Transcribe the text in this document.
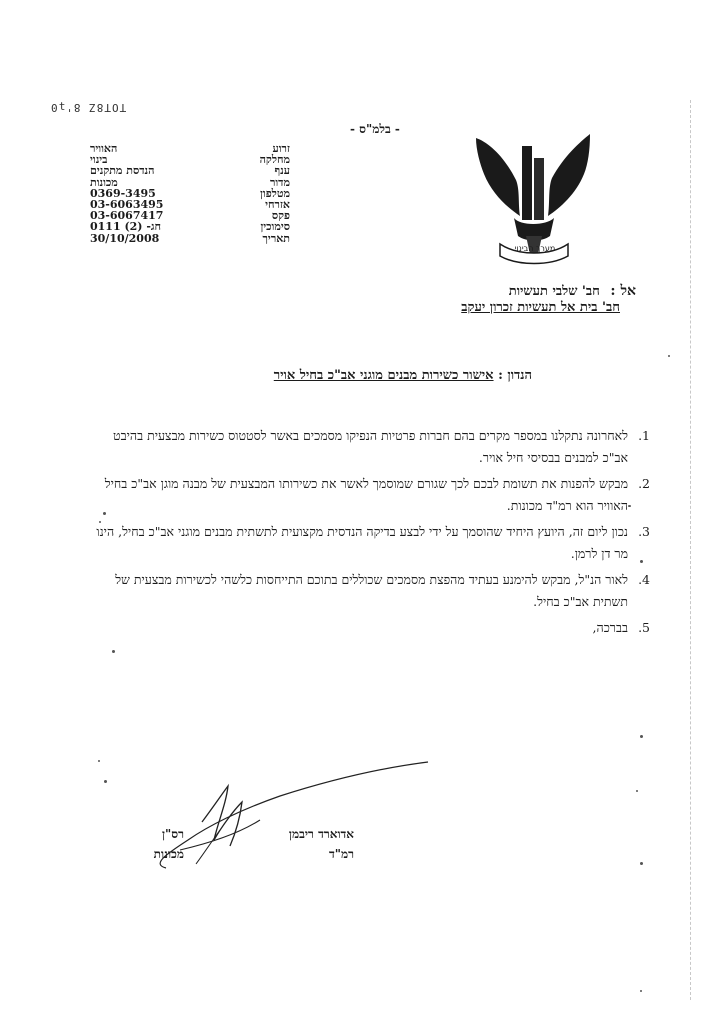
TOT8Z 8'ʇ0
- בלמ"ס -
מערך הבינוי
האוויר	זרוע
בינוי	מחלקה
הנדסת מתקנים	ענף
מכונות	מדור
0369-3495	מטלפון
03-6063495	אזרחי
03-6067417	פקס
0111 (2) -חג	סימוכין
30/10/2008	תאריך
אל : חב' שלבי תעשיות
חב' בית אל תעשיות זכרון יעקב
הנדון : אישור כשירות מבנים מוגני אב"כ בחיל אויר
1.
לאחרונה נתקלנו במספר מקרים בהם חברות פרטיות הנפיקו מסמכים באשר לסטטוס כשירות מבצעית בהיבט אב"כ למבנים בבסיסי חיל אויר.
2.
מבקש להפנות את תשומת לבכם לכך שגורם שמוסמך לאשר את כשירותו המבצעית של מבנה מוגן אב"כ בחיל האוויר הוא רמ"ד מכונות.
3.
נכון ליום זה, היועץ היחיד שהוסמך על ידי לבצע בדיקה הנדסית מקצועית לתשתית מבנים מוגני אב"כ בחיל, הינו מר דן לרמן.
4.
לאור הנ"ל, מבקש להימנע בעתיד מהפצת מסמכים שכוללים בתוכם התייחסות כלשהי לכשירות מבצעית של תשתית אב"כ בחיל.
5.
בברכה,
אדוארד ריבמן
רמ"ד
רס"ן
מכונות
